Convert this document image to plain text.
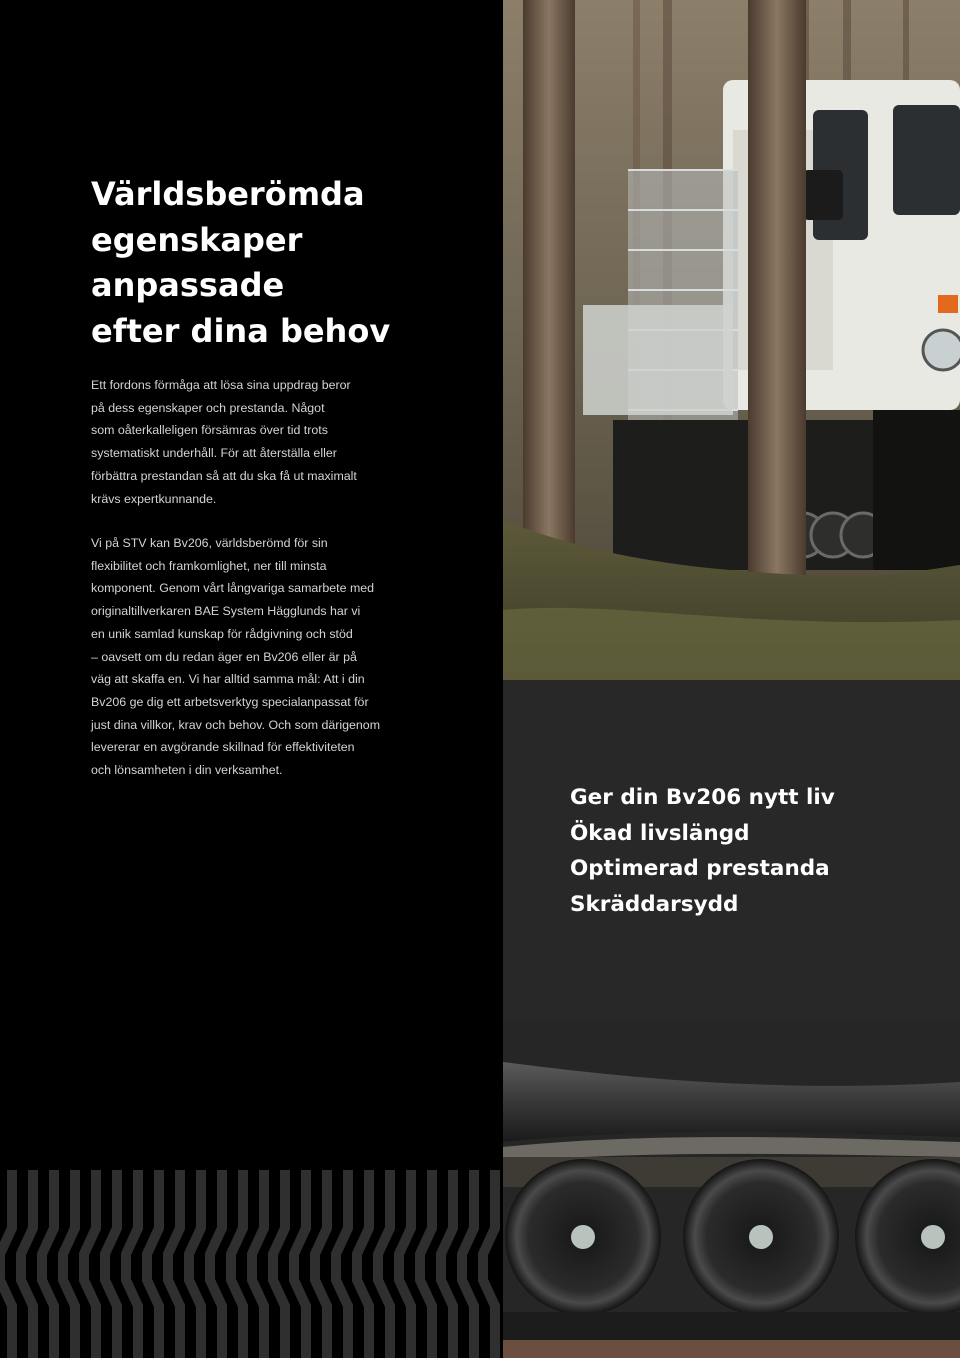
Världsberömda
egenskaper
anpassade
efter dina behov

Ett fordons förmåga att lösa sina uppdrag beror
på dess egenskaper och prestanda. Något
som oåterkalleligen försämras över tid trots
systematiskt underhåll. För att återställa eller
förbättra prestandan så att du ska få ut maximalt
krävs expertkunnande.

Vi på STV kan Bv206, världsberömd för sin
flexibilitet och framkomlighet, ner till minsta
komponent. Genom vårt långvariga samarbete med
originaltillverkaren BAE System Hägglunds har vi
en unik samlad kunskap för rådgivning och stöd
– oavsett om du redan äger en Bv206 eller är på
väg att skaffa en. Vi har alltid samma mål: Att i din
Bv206 ge dig ett arbetsverktyg specialanpassat för
just dina villkor, krav och behov. Och som därigenom
levererar en avgörande skillnad för effektiviteten
och lönsamheten i din verksamhet.

Ger din Bv206 nytt liv
Ökad livslängd
Optimerad prestanda
Skräddarsydd
